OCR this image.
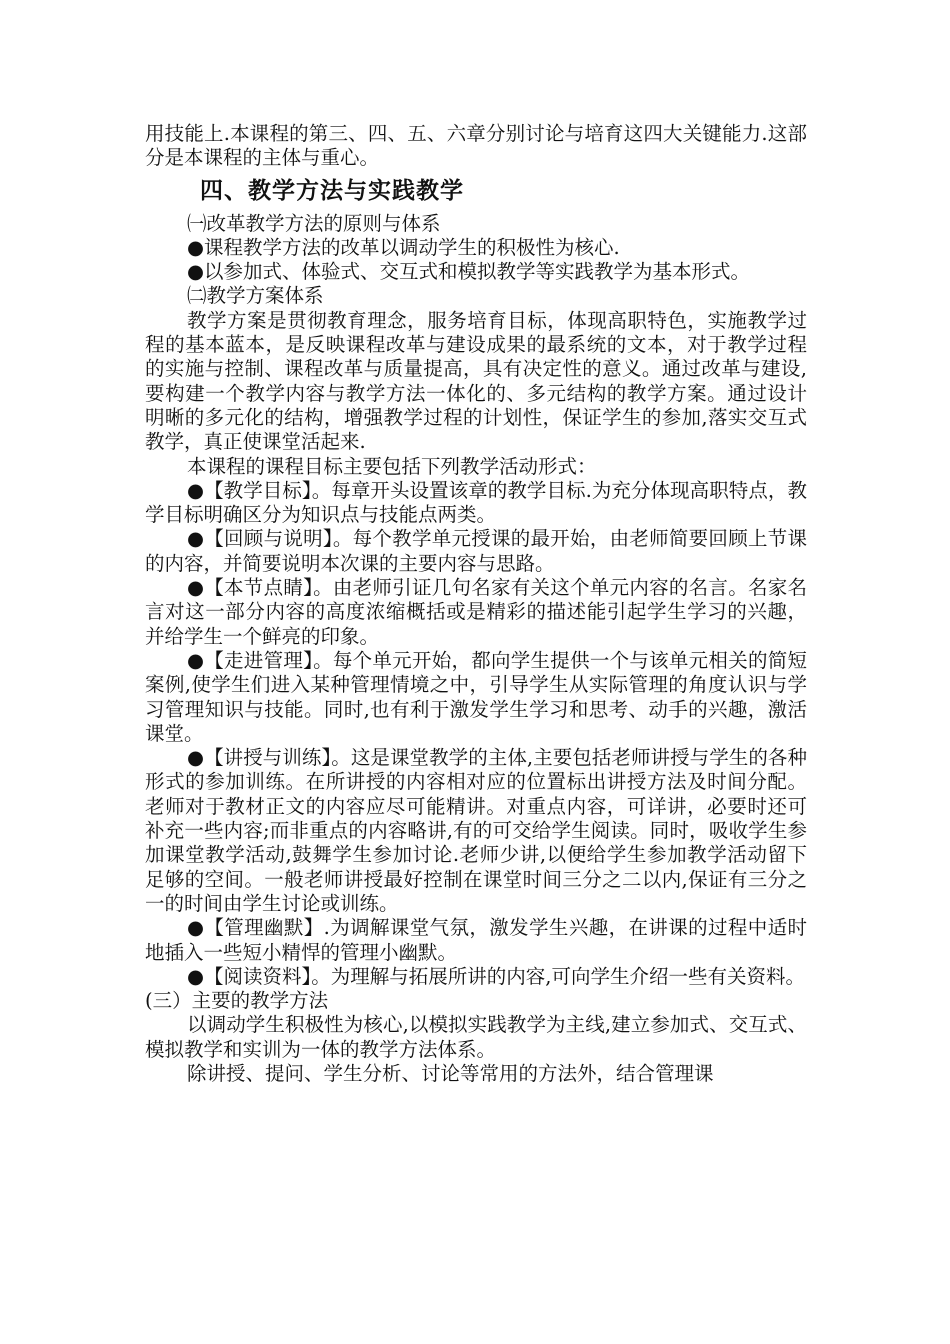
用技能上.本课程的第三、四、五、六章分别讨论与培育这四大关键能力.这部分是本课程的主体与重心。

四、教学方法与实践教学

㈠改革教学方法的原则与体系

●课程教学方法的改革以调动学生的积极性为核心.

●以参加式、体验式、交互式和模拟教学等实践教学为基本形式。

㈡教学方案体系

教学方案是贯彻教育理念，服务培育目标，体现高职特色，实施教学过程的基本蓝本，是反映课程改革与建设成果的最系统的文本，对于教学过程的实施与控制、课程改革与质量提高，具有决定性的意义。通过改革与建设,要构建一个教学内容与教学方法一体化的、多元结构的教学方案。通过设计明晰的多元化的结构，增强教学过程的计划性，保证学生的参加,落实交互式教学，真正使课堂活起来.

本课程的课程目标主要包括下列教学活动形式：

●【教学目标】。每章开头设置该章的教学目标.为充分体现高职特点，教学目标明确区分为知识点与技能点两类。

●【回顾与说明】。每个教学单元授课的最开始，由老师简要回顾上节课的内容，并简要说明本次课的主要内容与思路。

●【本节点睛】。由老师引证几句名家有关这个单元内容的名言。名家名言对这一部分内容的高度浓缩概括或是精彩的描述能引起学生学习的兴趣，并给学生一个鲜亮的印象。

●【走进管理】。每个单元开始，都向学生提供一个与该单元相关的简短案例,使学生们进入某种管理情境之中，引导学生从实际管理的角度认识与学习管理知识与技能。同时,也有利于激发学生学习和思考、动手的兴趣，激活课堂。

●【讲授与训练】。这是课堂教学的主体,主要包括老师讲授与学生的各种形式的参加训练。在所讲授的内容相对应的位置标出讲授方法及时间分配。老师对于教材正文的内容应尽可能精讲。对重点内容，可详讲，必要时还可补充一些内容;而非重点的内容略讲,有的可交给学生阅读。同时，吸收学生参加课堂教学活动,鼓舞学生参加讨论.老师少讲,以便给学生参加教学活动留下足够的空间。一般老师讲授最好控制在课堂时间三分之二以内,保证有三分之一的时间由学生讨论或训练。

●【管理幽默】.为调解课堂气氛，激发学生兴趣，在讲课的过程中适时地插入一些短小精悍的管理小幽默。

●【阅读资料】。为理解与拓展所讲的内容,可向学生介绍一些有关资料。

(三）主要的教学方法

以调动学生积极性为核心,以模拟实践教学为主线,建立参加式、交互式、模拟教学和实训为一体的教学方法体系。

除讲授、提问、学生分析、讨论等常用的方法外，结合管理课
